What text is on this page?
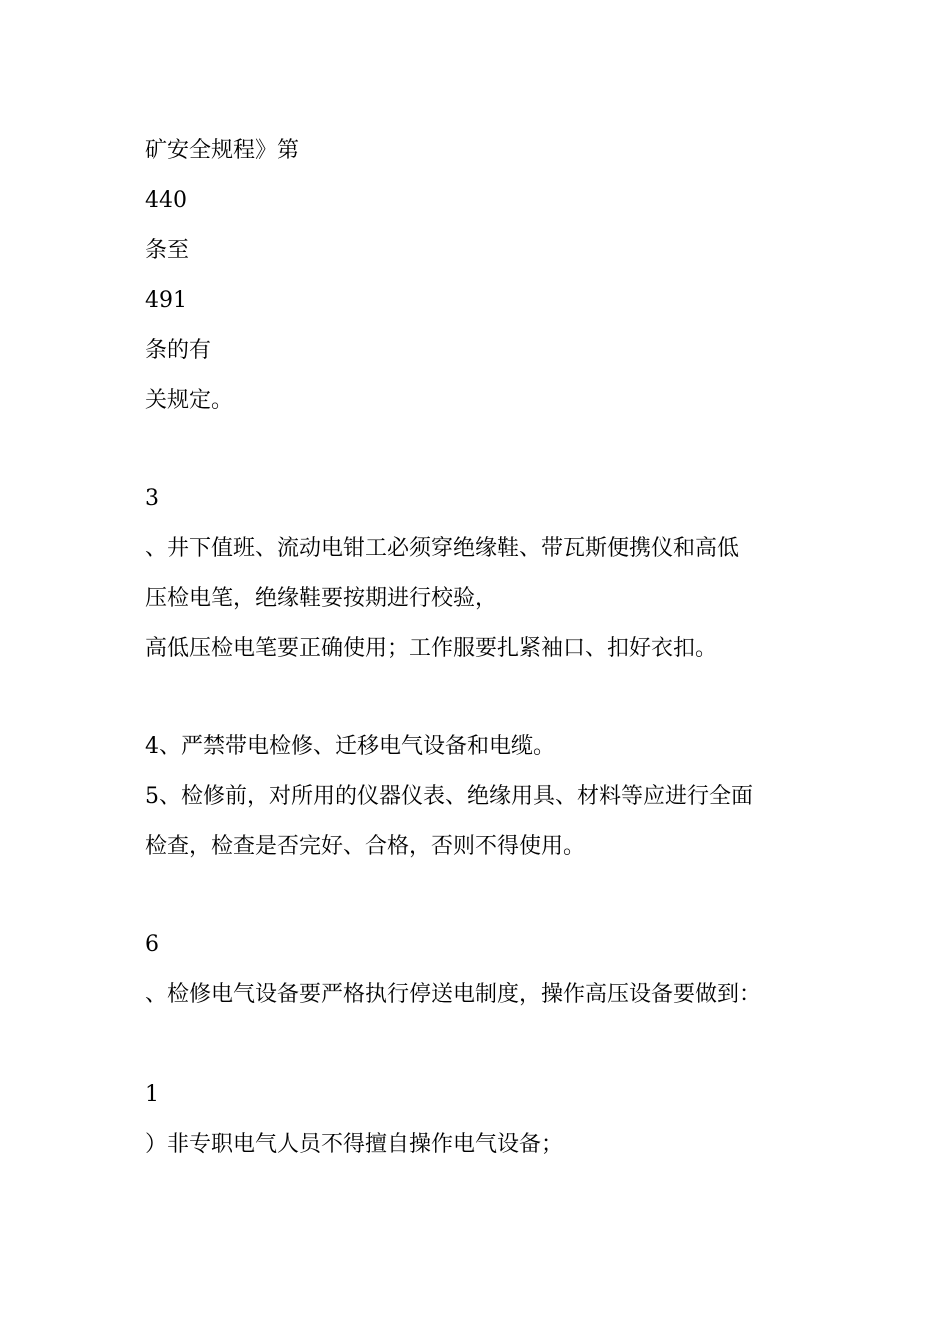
矿安全规程》第
440
条至
491
条的有
关规定。
3
、井下值班、流动电钳工必须穿绝缘鞋、带瓦斯便携仪和高低
压检电笔，绝缘鞋要按期进行校验，
高低压检电笔要正确使用；工作服要扎紧袖口、扣好衣扣。
4、严禁带电检修、迁移电气设备和电缆。
5、检修前，对所用的仪器仪表、绝缘用具、材料等应进行全面
检查，检查是否完好、合格，否则不得使用。
6
、检修电气设备要严格执行停送电制度，操作高压设备要做到：
1
）非专职电气人员不得擅自操作电气设备；
